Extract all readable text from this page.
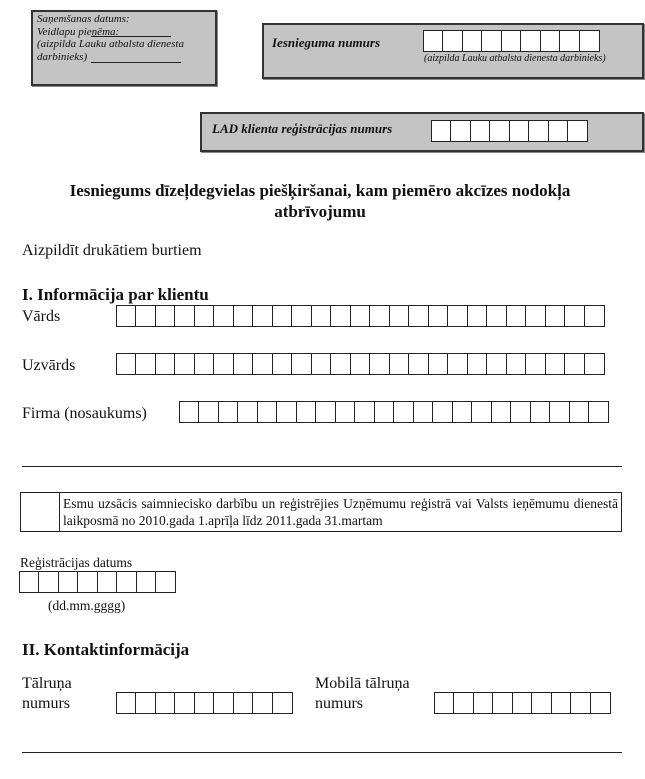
Saņemšanas datums:
Veidlapu pieņēma:
(aizpilda Lauku atbalsta dienesta darbinieks)
Iesnieguma numurs
(aizpilda Lauku atbalsta dienesta darbinieks)
LAD klienta reģistrācijas numurs
Iesniegums dīzeļdegvielas piešķiršanai, kam piemēro akcīzes nodokļa atbrīvojumu
Aizpildīt drukātiem burtiem
I. Informācija par klientu
Vārds
Uzvārds
Firma (nosaukums)
Esmu uzsācis saimniecisko darbību un reģistrējies Uzņēmumu reģistrā vai Valsts ieņēmumu dienestā laikposmā no 2010.gada 1.aprīļa līdz 2011.gada 31.martam
Reģistrācijas datums
(dd.mm.gggg)
II. Kontaktinformācija
Tālruņa
numurs
Mobilā tālruņa
numurs
